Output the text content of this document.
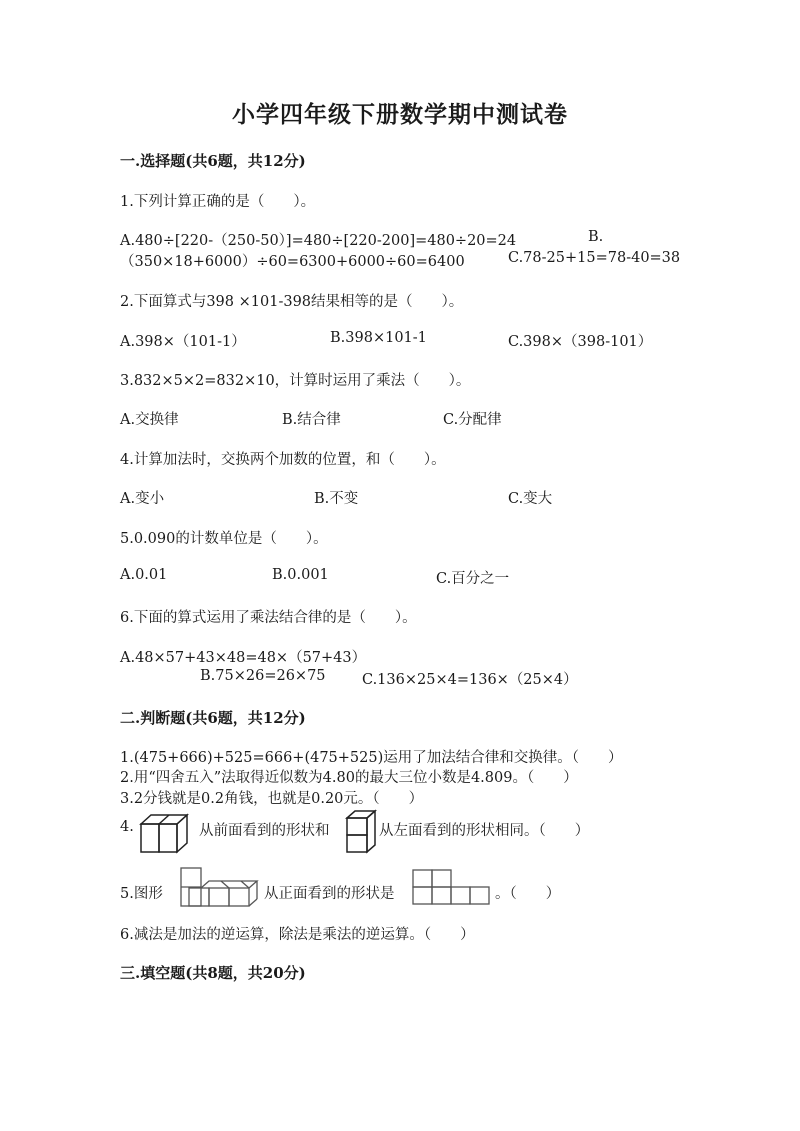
小学四年级下册数学期中测试卷
一.选择题(共6题，共12分)
1.下列计算正确的是（　　）。
A.480÷[220-（250-50）]=480÷[220-200]=480÷20=24	B.
（350×18+6000）÷60=6300+6000÷60=6400	C.78-25+15=78-40=38
2.下面算式与398 ×101-398结果相等的是（　　）。
A.398×（101-1）	B.398×101-1	C.398×（398-101）
3.832×5×2=832×10，计算时运用了乘法（　　）。
A.交换律	B.结合律	C.分配律
4.计算加法时，交换两个加数的位置，和（　　）。
A.变小	B.不变	C.变大
5.0.090的计数单位是（　　）。
A.0.01	B.0.001	C.百分之一
6.下面的算式运用了乘法结合律的是（　　）。
A.48×57+43×48=48×（57+43）
B.75×26=26×75	C.136×25×4=136×（25×4）
二.判断题(共6题，共12分)
1.(475+666)+525=666+(475+525)运用了加法结合律和交换律。（　　）
2.用“四舍五入”法取得近似数为4.80的最大三位小数是4.809。（　　）
3.2分钱就是0.2角钱，也就是0.20元。（　　）
4.	从前面看到的形状和	从左面看到的形状相同。（　　）
5.图形	从正面看到的形状是	。（　　）
6.减法是加法的逆运算，除法是乘法的逆运算。（　　）
三.填空题(共8题，共20分)
